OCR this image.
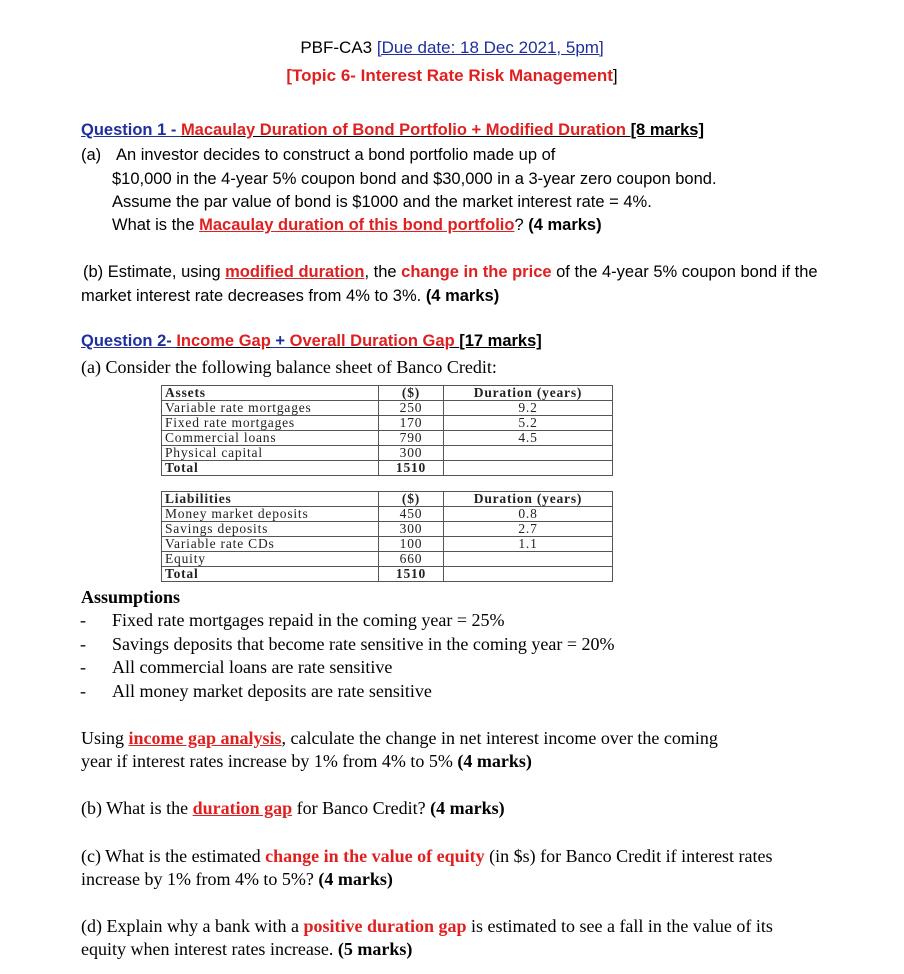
PBF-CA3 [Due date: 18 Dec 2021, 5pm]
[Topic 6- Interest Rate Risk Management]
Question 1 - Macaulay Duration of Bond Portfolio + Modified Duration [8 marks]
(a) An investor decides to construct a bond portfolio made up of
$10,000 in the 4-year 5% coupon bond and $30,000 in a 3-year zero coupon bond.
Assume the par value of bond is $1000 and the market interest rate = 4%.
What is the Macaulay duration of this bond portfolio? (4 marks)
(b) Estimate, using modified duration, the change in the price of the 4-year 5% coupon bond if the
market interest rate decreases from 4% to 3%. (4 marks)
Question 2- Income Gap + Overall Duration Gap [17 marks]
(a) Consider the following balance sheet of Banco Credit:
Assets	($)	Duration (years)
Variable rate mortgages	250	9.2
Fixed rate mortgages	170	5.2
Commercial loans	790	4.5
Physical capital	300	
Total	1510	
Liabilities	($)	Duration (years)
Money market deposits	450	0.8
Savings deposits	300	2.7
Variable rate CDs	100	1.1
Equity	660	
Total	1510	
Assumptions
- Fixed rate mortgages repaid in the coming year = 25%
- Savings deposits that become rate sensitive in the coming year = 20%
- All commercial loans are rate sensitive
- All money market deposits are rate sensitive
Using income gap analysis, calculate the change in net interest income over the coming
year if interest rates increase by 1% from 4% to 5% (4 marks)
(b) What is the duration gap for Banco Credit? (4 marks)
(c) What is the estimated change in the value of equity (in $s) for Banco Credit if interest rates
increase by 1% from 4% to 5%? (4 marks)
(d) Explain why a bank with a positive duration gap is estimated to see a fall in the value of its
equity when interest rates increase. (5 marks)
